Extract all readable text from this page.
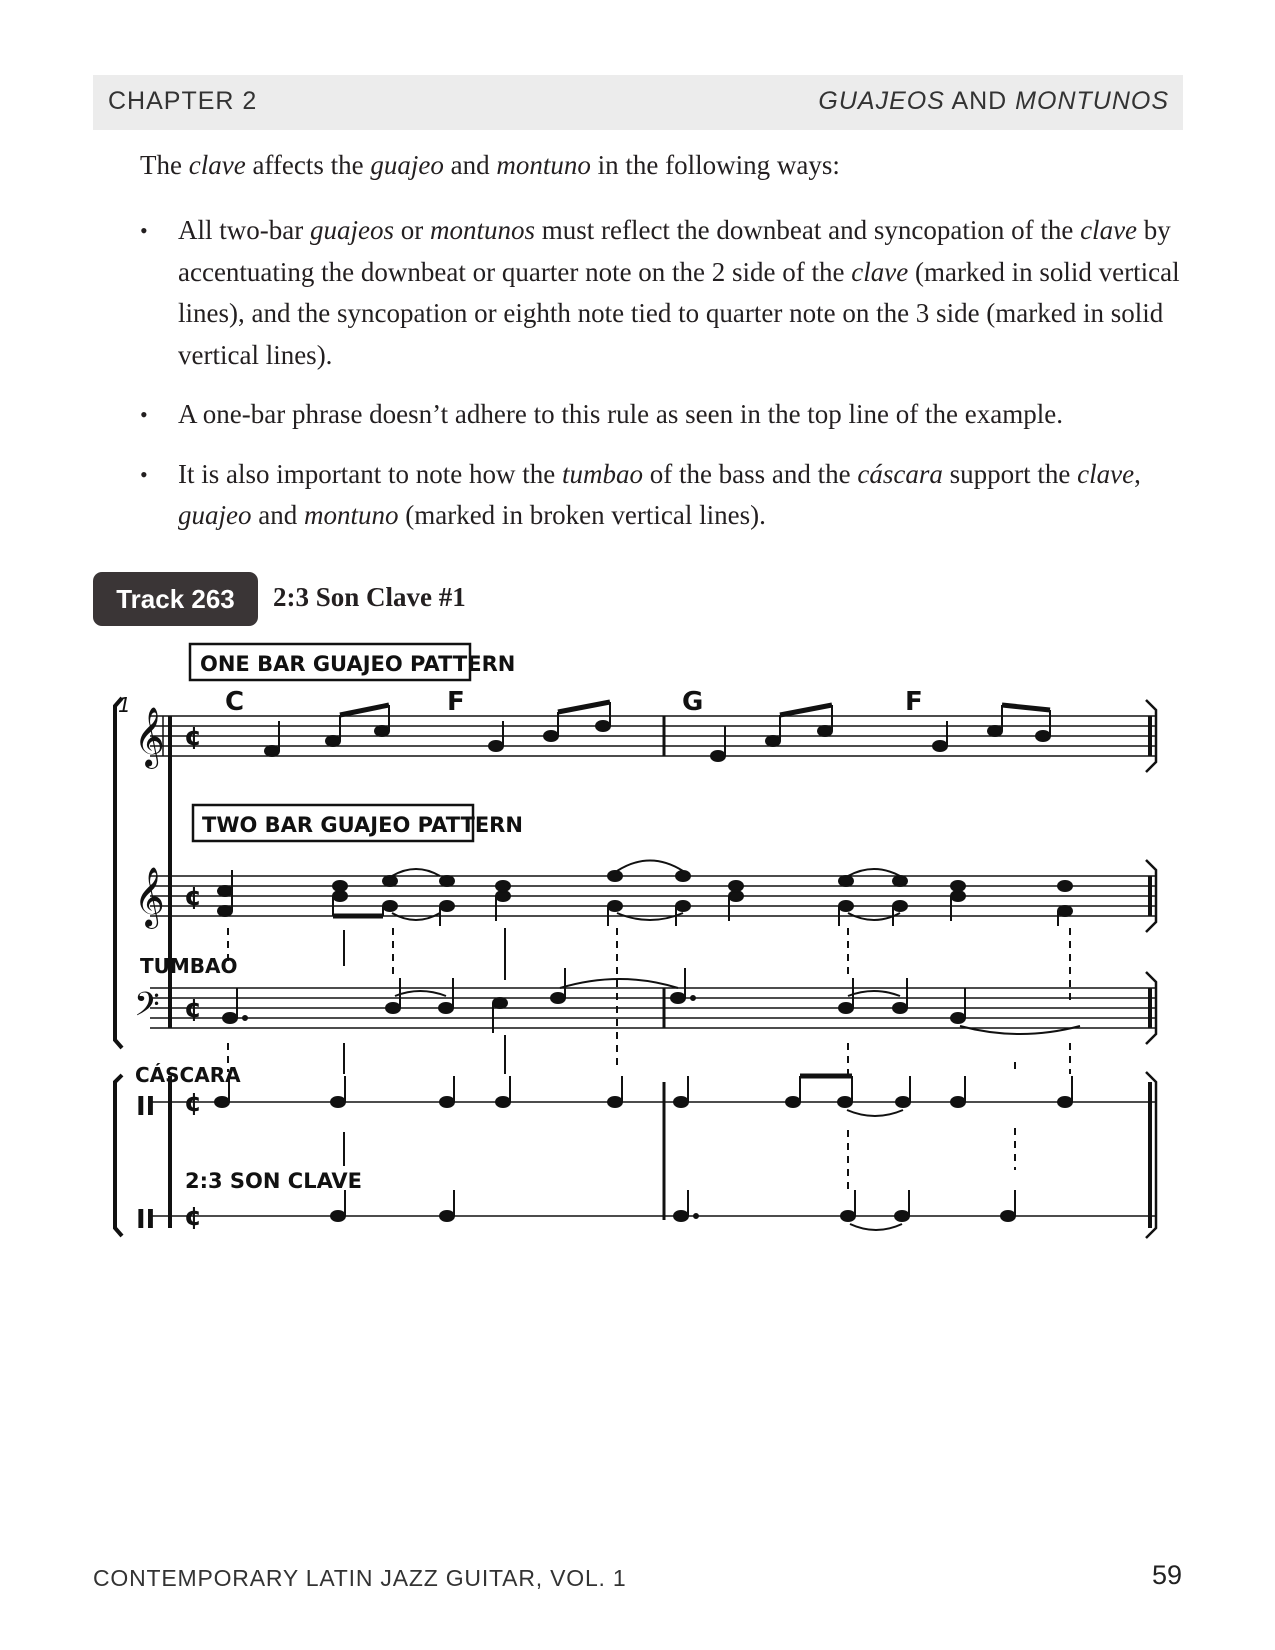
CHAPTER 2	GUAJEOS AND MONTUNOS
The clave affects the guajeo and montuno in the following ways:
• All two-bar guajeos or montunos must reflect the downbeat and syncopation of the clave by accentuating the downbeat or quarter note on the 2 side of the clave (marked in solid vertical lines), and the syncopation or eighth note tied to quarter note on the 3 side (marked in solid vertical lines).
• A one-bar phrase doesn’t adhere to this rule as seen in the top line of the example.
• It is also important to note how the tumbao of the bass and the cáscara support the clave, guajeo and montuno (marked in broken vertical lines).
Track 263	2:3 Son Clave #1
ONE BAR GUAJEO PATTERN
TWO BAR GUAJEO PATTERN
1	C	F	G	F
TUMBAO
CÁSCARA
2:3 SON CLAVE
𝄞
𝄞
𝄢
II
II
¢
¢
¢
¢
¢
CONTEMPORARY LATIN JAZZ GUITAR, VOL. 1	59
